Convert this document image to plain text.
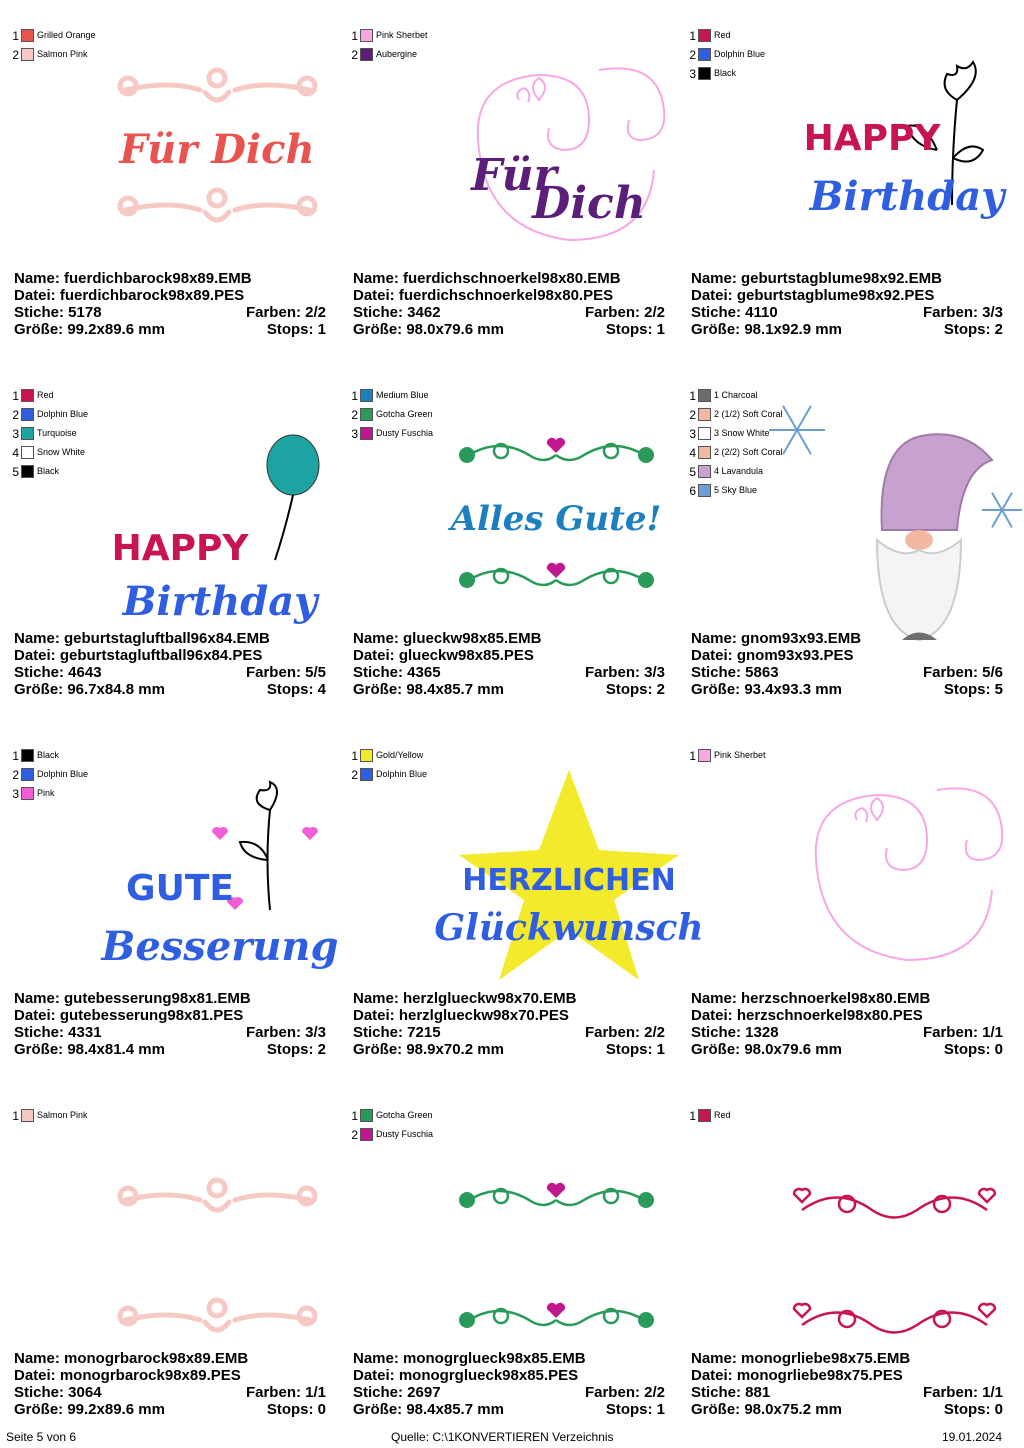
1 Grilled Orange
2 Salmon Pink
Für Dich
Name: fuerdichbarock98x89.EMB
Datei: fuerdichbarock98x89.PES
Stiche: 5178	Farben: 2/2
Größe: 99.2x89.6 mm	Stops: 1
1 Pink Sherbet
2 Aubergine
Für
Dich
Name: fuerdichschnoerkel98x80.EMB
Datei: fuerdichschnoerkel98x80.PES
Stiche: 3462	Farben: 2/2
Größe: 98.0x79.6 mm	Stops: 1
1 Red
2 Dolphin Blue
3 Black
HAPPY
Birthday
Name: geburtstagblume98x92.EMB
Datei: geburtstagblume98x92.PES
Stiche: 4110	Farben: 3/3
Größe: 98.1x92.9 mm	Stops: 2
1 Red
2 Dolphin Blue
3 Turquoise
4 Snow White
5 Black
HAPPY
Birthday
Name: geburtstagluftball96x84.EMB
Datei: geburtstagluftball96x84.PES
Stiche: 4643	Farben: 5/5
Größe: 96.7x84.8 mm	Stops: 4
1 Medium Blue
2 Gotcha Green
3 Dusty Fuschia
Alles Gute!
Name: glueckw98x85.EMB
Datei: glueckw98x85.PES
Stiche: 4365	Farben: 3/3
Größe: 98.4x85.7 mm	Stops: 2
1 1 Charcoal
2 2 (1/2) Soft Coral
3 3 Snow White
4 2 (2/2) Soft Coral
5 4 Lavandula
6 5 Sky Blue
Name: gnom93x93.EMB
Datei: gnom93x93.PES
Stiche: 5863	Farben: 5/6
Größe: 93.4x93.3 mm	Stops: 5
1 Black
2 Dolphin Blue
3 Pink
GUTE
Besserung
Name: gutebesserung98x81.EMB
Datei: gutebesserung98x81.PES
Stiche: 4331	Farben: 3/3
Größe: 98.4x81.4 mm	Stops: 2
1 Gold/Yellow
2 Dolphin Blue
HERZLICHEN
Glückwunsch
Name: herzlglueckw98x70.EMB
Datei: herzlglueckw98x70.PES
Stiche: 7215	Farben: 2/2
Größe: 98.9x70.2 mm	Stops: 1
1 Pink Sherbet
Name: herzschnoerkel98x80.EMB
Datei: herzschnoerkel98x80.PES
Stiche: 1328	Farben: 1/1
Größe: 98.0x79.6 mm	Stops: 0
1 Salmon Pink
Name: monogrbarock98x89.EMB
Datei: monogrbarock98x89.PES
Stiche: 3064	Farben: 1/1
Größe: 99.2x89.6 mm	Stops: 0
1 Gotcha Green
2 Dusty Fuschia
Name: monogrglueck98x85.EMB
Datei: monogrglueck98x85.PES
Stiche: 2697	Farben: 2/2
Größe: 98.4x85.7 mm	Stops: 1
1 Red
Name: monogrliebe98x75.EMB
Datei: monogrliebe98x75.PES
Stiche: 881	Farben: 1/1
Größe: 98.0x75.2 mm	Stops: 0
Seite 5 von 6	Quelle: C:\1KONVERTIEREN Verzeichnis	19.01.2024
